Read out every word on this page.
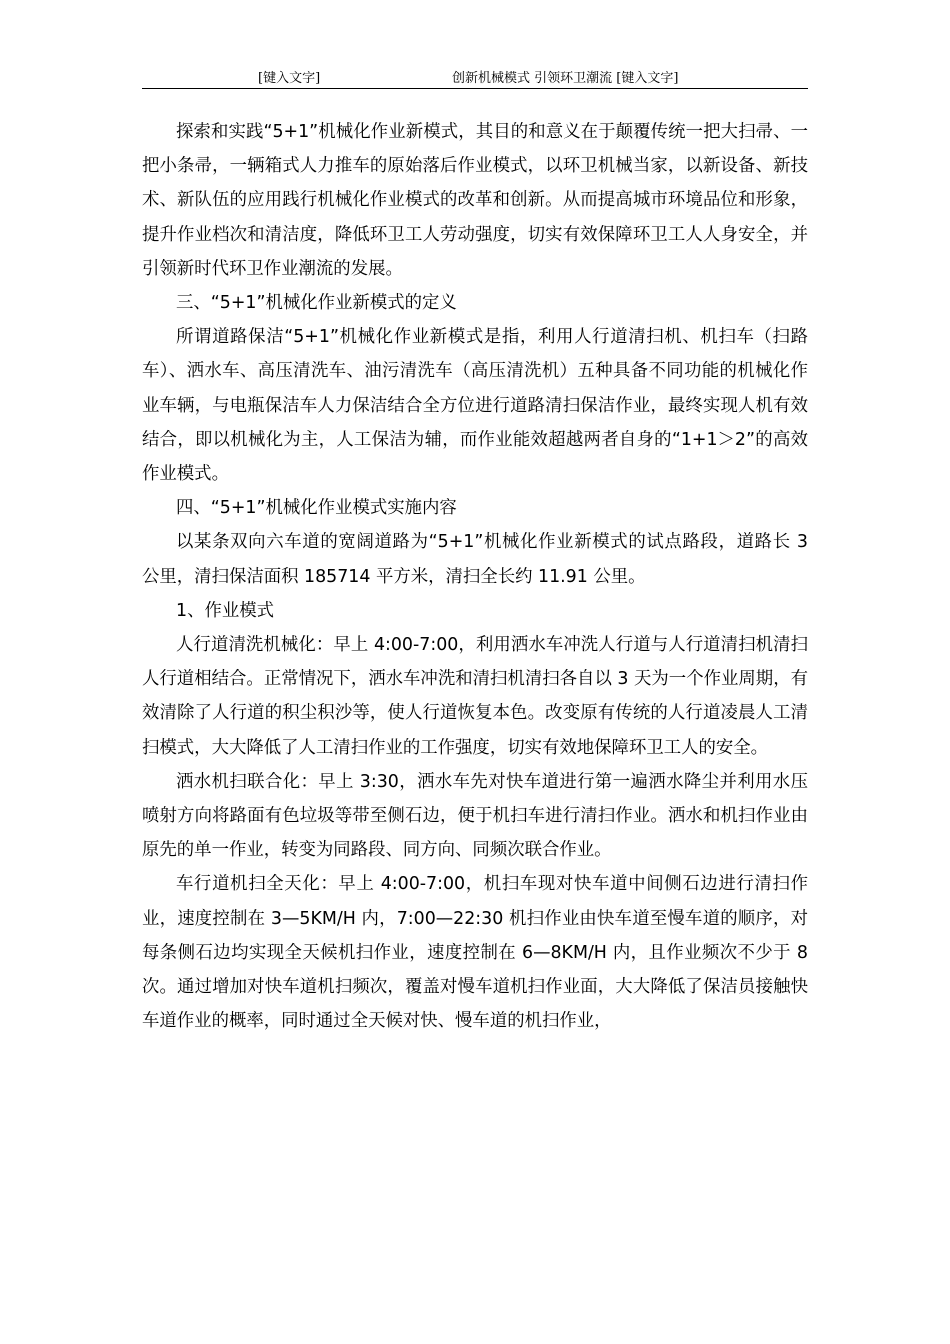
[键入文字]	创新机械模式 引领环卫潮流 [键入文字]

探索和实践“5+1”机械化作业新模式，其目的和意义在于颠覆传统一把大扫帚、一把小条帚，一辆箱式人力推车的原始落后作业模式，以环卫机械当家，以新设备、新技术、新队伍的应用践行机械化作业模式的改革和创新。从而提高城市环境品位和形象，提升作业档次和清洁度，降低环卫工人劳动强度，切实有效保障环卫工人人身安全，并引领新时代环卫作业潮流的发展。

三、“5+1”机械化作业新模式的定义

所谓道路保洁“5+1”机械化作业新模式是指，利用人行道清扫机、机扫车（扫路车）、洒水车、高压清洗车、油污清洗车（高压清洗机）五种具备不同功能的机械化作业车辆，与电瓶保洁车人力保洁结合全方位进行道路清扫保洁作业，最终实现人机有效结合，即以机械化为主，人工保洁为辅，而作业能效超越两者自身的“1+1＞2”的高效作业模式。

四、“5+1”机械化作业模式实施内容

以某条双向六车道的宽阔道路为“5+1”机械化作业新模式的试点路段，道路长 3 公里，清扫保洁面积 185714 平方米，清扫全长约 11.91 公里。

1、作业模式

人行道清洗机械化：早上 4:00-7:00，利用洒水车冲洗人行道与人行道清扫机清扫人行道相结合。正常情况下，洒水车冲洗和清扫机清扫各自以 3 天为一个作业周期，有效清除了人行道的积尘积沙等，使人行道恢复本色。改变原有传统的人行道凌晨人工清扫模式，大大降低了人工清扫作业的工作强度，切实有效地保障环卫工人的安全。

洒水机扫联合化：早上 3:30，洒水车先对快车道进行第一遍洒水降尘并利用水压喷射方向将路面有色垃圾等带至侧石边，便于机扫车进行清扫作业。洒水和机扫作业由原先的单一作业，转变为同路段、同方向、同频次联合作业。

车行道机扫全天化：早上 4:00-7:00，机扫车现对快车道中间侧石边进行清扫作业，速度控制在 3—5KM/H 内，7:00—22:30 机扫作业由快车道至慢车道的顺序，对每条侧石边均实现全天候机扫作业，速度控制在 6—8KM/H 内，且作业频次不少于 8 次。通过增加对快车道机扫频次，覆盖对慢车道机扫作业面，大大降低了保洁员接触快车道作业的概率，同时通过全天候对快、慢车道的机扫作业，
